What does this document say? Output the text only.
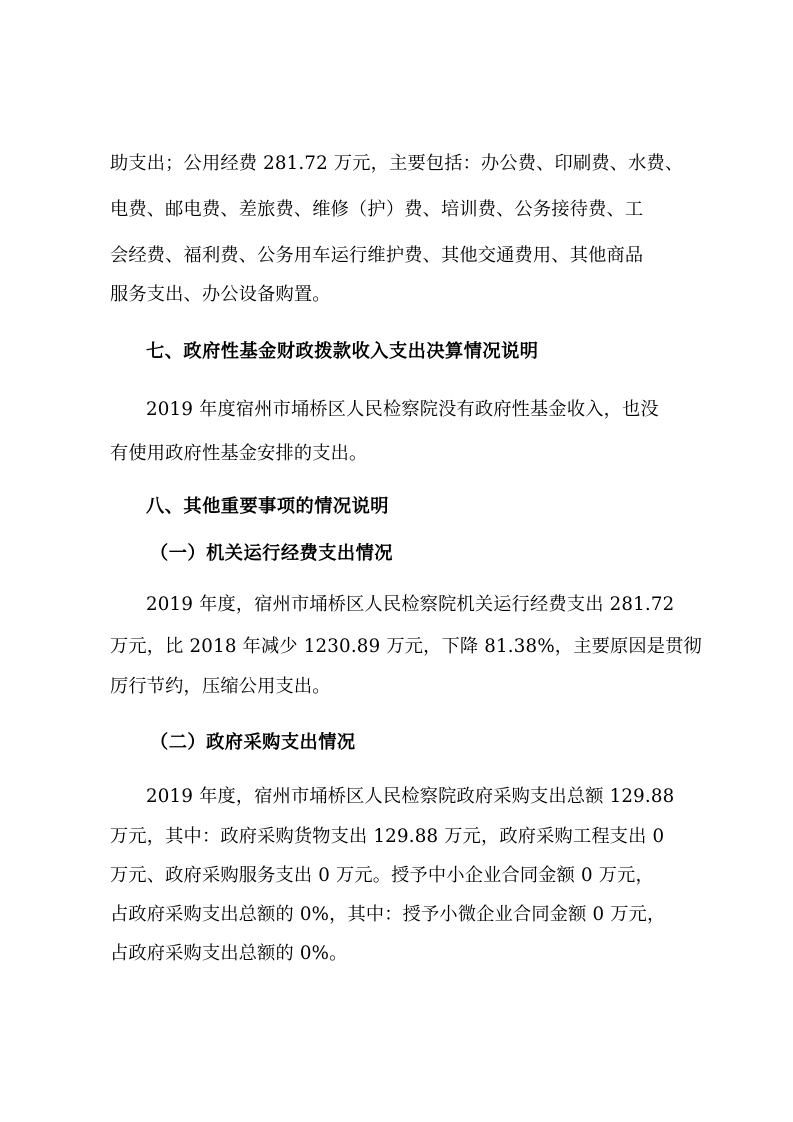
助支出；公用经费 281.72 万元，主要包括：办公费、印刷费、水费、
电费、邮电费、差旅费、维修（护）费、培训费、公务接待费、工
会经费、福利费、公务用车运行维护费、其他交通费用、其他商品
服务支出、办公设备购置。
七、政府性基金财政拨款收入支出决算情况说明
2019 年度宿州市埇桥区人民检察院没有政府性基金收入，也没
有使用政府性基金安排的支出。
八、其他重要事项的情况说明
（一）机关运行经费支出情况
2019 年度，宿州市埇桥区人民检察院机关运行经费支出 281.72
万元，比 2018 年减少 1230.89 万元，下降 81.38%，主要原因是贯彻
厉行节约，压缩公用支出。
（二）政府采购支出情况
2019 年度，宿州市埇桥区人民检察院政府采购支出总额 129.88
万元，其中：政府采购货物支出 129.88 万元，政府采购工程支出 0
万元、政府采购服务支出 0 万元。授予中小企业合同金额 0 万元，
占政府采购支出总额的 0%，其中：授予小微企业合同金额 0 万元，
占政府采购支出总额的 0%。
